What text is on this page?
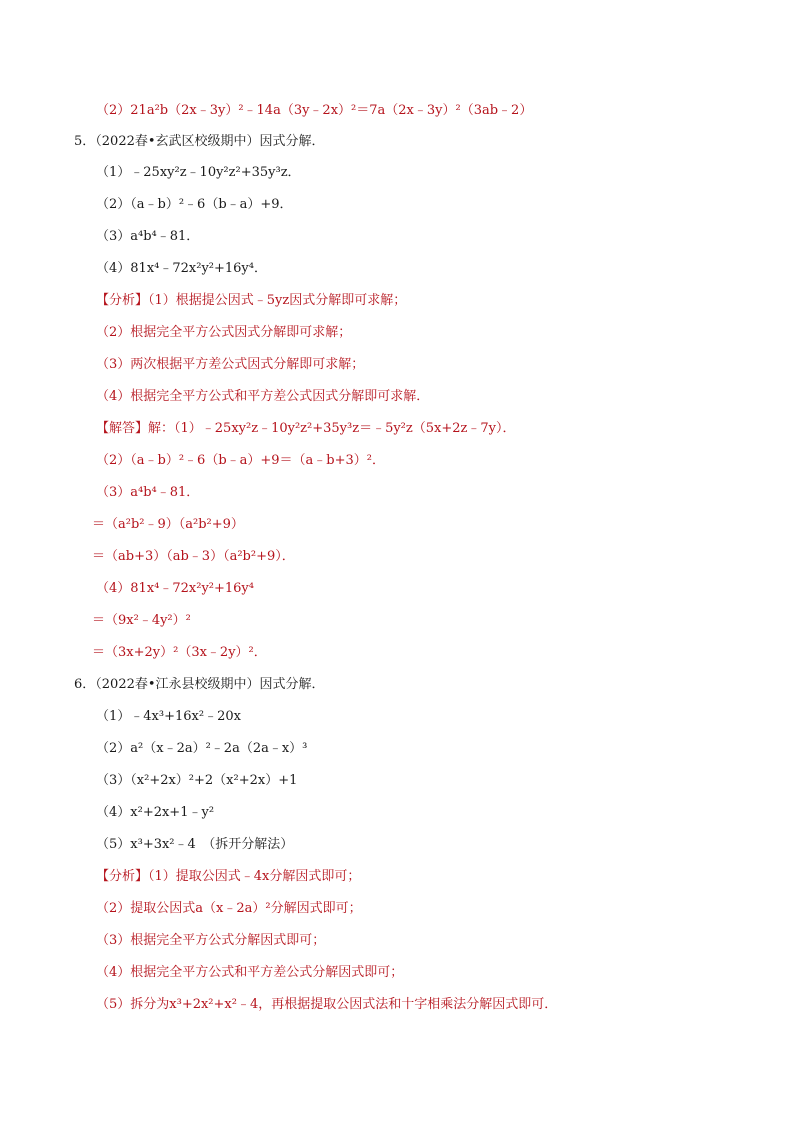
（2）21a²b（2x﹣3y）²﹣14a（3y﹣2x）²＝7a（2x﹣3y）²（3ab﹣2）
5．（2022春•玄武区校级期中）因式分解．
（1）﹣25xy²z﹣10y²z²+35y³z．
（2）（a﹣b）²﹣6（b﹣a）+9．
（3）a⁴b⁴﹣81．
（4）81x⁴﹣72x²y²+16y⁴．
【分析】（1）根据提公因式﹣5yz因式分解即可求解；
（2）根据完全平方公式因式分解即可求解；
（3）两次根据平方差公式因式分解即可求解；
（4）根据完全平方公式和平方差公式因式分解即可求解．
【解答】解：（1）﹣25xy²z﹣10y²z²+35y³z＝﹣5y²z（5x+2z﹣7y）．
（2）（a﹣b）²﹣6（b﹣a）+9＝（a﹣b+3）²．
（3）a⁴b⁴﹣81．
＝（a²b²﹣9）（a²b²+9）
＝（ab+3）（ab﹣3）（a²b²+9）．
（4）81x⁴﹣72x²y²+16y⁴
＝（9x²﹣4y²）²
＝（3x+2y）²（3x﹣2y）²．
6．（2022春•江永县校级期中）因式分解．
（1）﹣4x³+16x²﹣20x
（2）a²（x﹣2a）²﹣2a（2a﹣x）³
（3）（x²+2x）²+2（x²+2x）+1
（4）x²+2x+1﹣y²
（5）x³+3x²﹣4　（拆开分解法）
【分析】（1）提取公因式﹣4x分解因式即可；
（2）提取公因式a（x﹣2a）²分解因式即可；
（3）根据完全平方公式分解因式即可；
（4）根据完全平方公式和平方差公式分解因式即可；
（5）拆分为x³+2x²+x²﹣4，再根据提取公因式法和十字相乘法分解因式即可．
